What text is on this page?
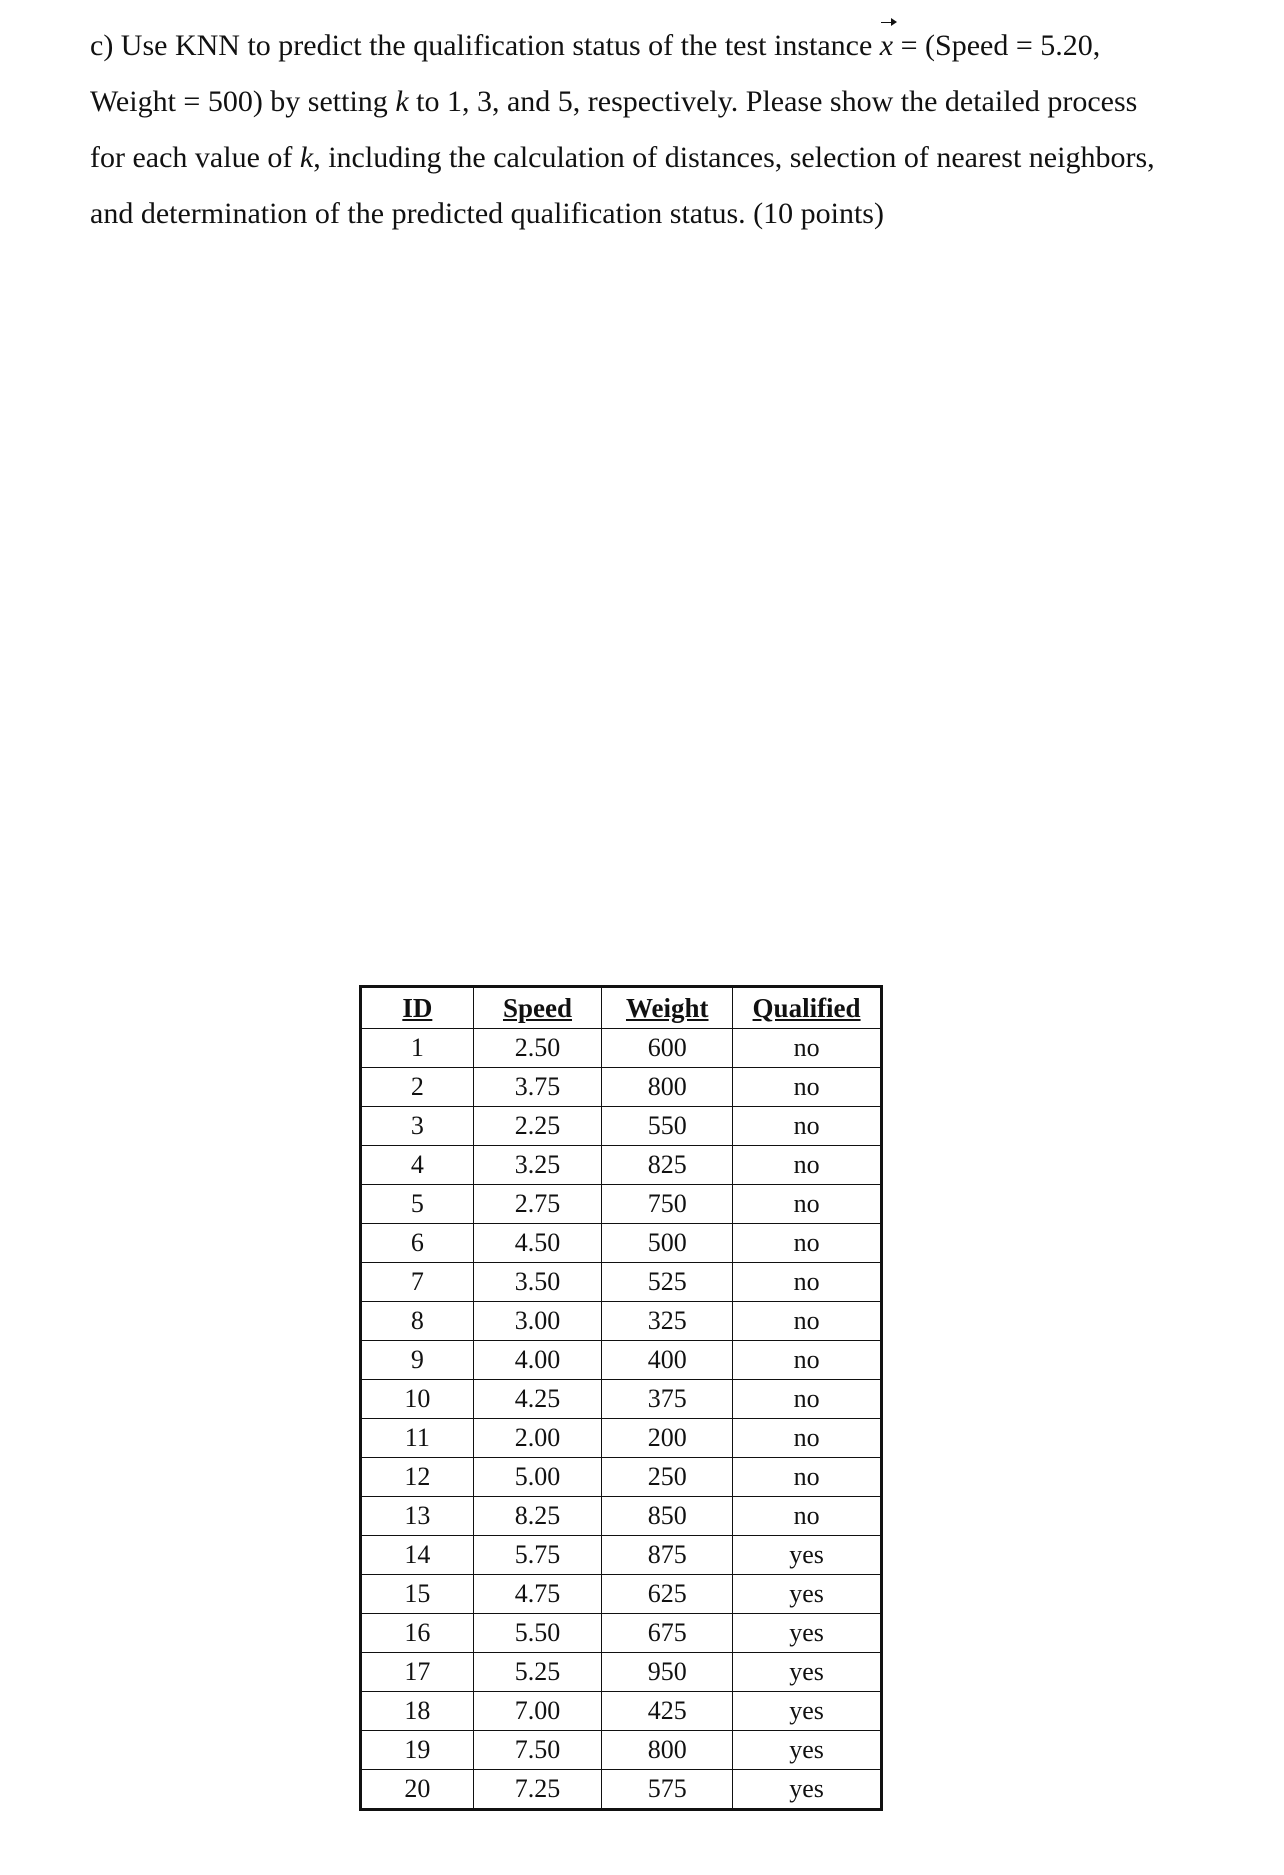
c) Use KNN to predict the qualification status of the test instance x = (Speed = 5.20,

Weight = 500) by setting k to 1, 3, and 5, respectively. Please show the detailed process

for each value of k, including the calculation of distances, selection of nearest neighbors,

and determination of the predicted qualification status. (10 points)

ID	Speed	Weight	Qualified
1	2.50	600	no
2	3.75	800	no
3	2.25	550	no
4	3.25	825	no
5	2.75	750	no
6	4.50	500	no
7	3.50	525	no
8	3.00	325	no
9	4.00	400	no
10	4.25	375	no
11	2.00	200	no
12	5.00	250	no
13	8.25	850	no
14	5.75	875	yes
15	4.75	625	yes
16	5.50	675	yes
17	5.25	950	yes
18	7.00	425	yes
19	7.50	800	yes
20	7.25	575	yes
